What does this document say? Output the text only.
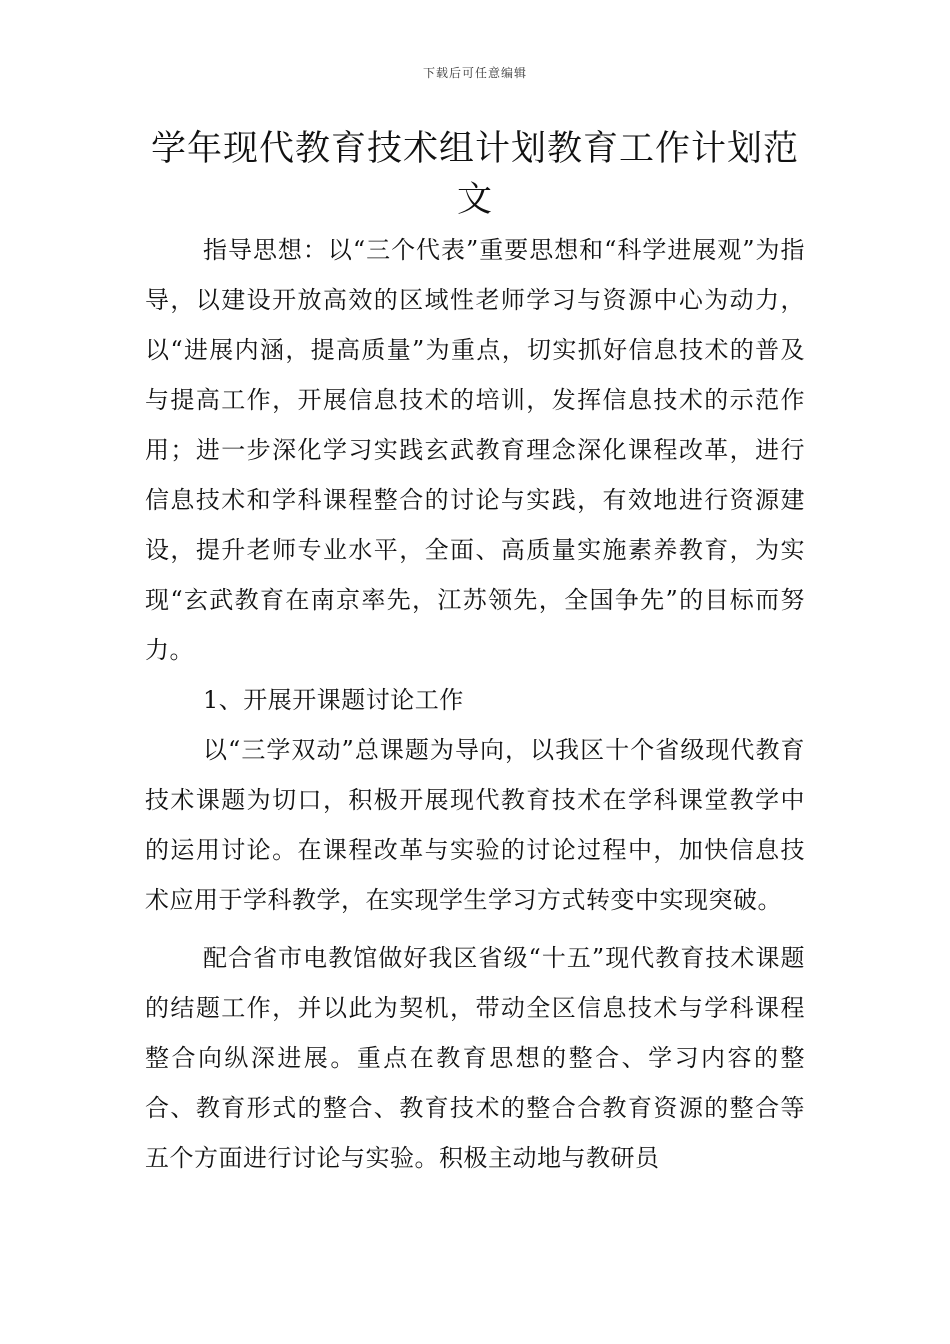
下载后可任意编辑
学年现代教育技术组计划教育工作计划范文

指导思想：以“三个代表”重要思想和“科学进展观”为指导，以建设开放高效的区域性老师学习与资源中心为动力，以“进展内涵，提高质量”为重点，切实抓好信息技术的普及与提高工作，开展信息技术的培训，发挥信息技术的示范作用；进一步深化学习实践玄武教育理念深化课程改革，进行信息技术和学科课程整合的讨论与实践，有效地进行资源建设，提升老师专业水平，全面、高质量实施素养教育，为实现“玄武教育在南京率先，江苏领先，全国争先”的目标而努力。

1、开展开课题讨论工作

以“三学双动”总课题为导向，以我区十个省级现代教育技术课题为切口，积极开展现代教育技术在学科课堂教学中的运用讨论。在课程改革与实验的讨论过程中，加快信息技术应用于学科教学，在实现学生学习方式转变中实现突破。

配合省市电教馆做好我区省级“十五”现代教育技术课题的结题工作，并以此为契机，带动全区信息技术与学科课程整合向纵深进展。重点在教育思想的整合、学习内容的整合、教育形式的整合、教育技术的整合合教育资源的整合等五个方面进行讨论与实验。积极主动地与教研员
